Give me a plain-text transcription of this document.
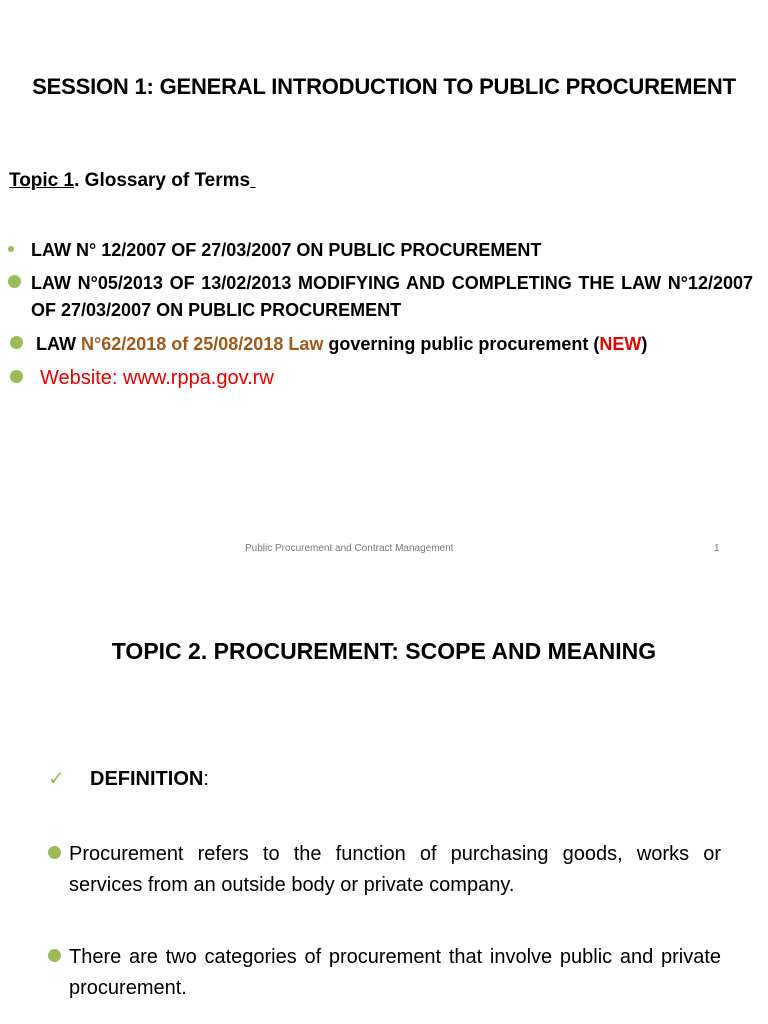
SESSION 1: GENERAL INTRODUCTION TO PUBLIC PROCUREMENT
Topic 1. Glossary of Terms
LAW N° 12/2007 OF 27/03/2007 ON PUBLIC PROCUREMENT
LAW N°05/2013 OF 13/02/2013 MODIFYING AND COMPLETING THE LAW N°12/2007 OF 27/03/2007 ON PUBLIC PROCUREMENT
LAW N°62/2018 of 25/08/2018 Law governing public procurement (NEW)
Website: www.rppa.gov.rw
Public Procurement and Contract Management	1
TOPIC 2. PROCUREMENT: SCOPE AND MEANING
✓ DEFINITION:
Procurement refers to the function of purchasing goods, works or services from an outside body or private company.
There are two categories of procurement that involve public and private procurement.
